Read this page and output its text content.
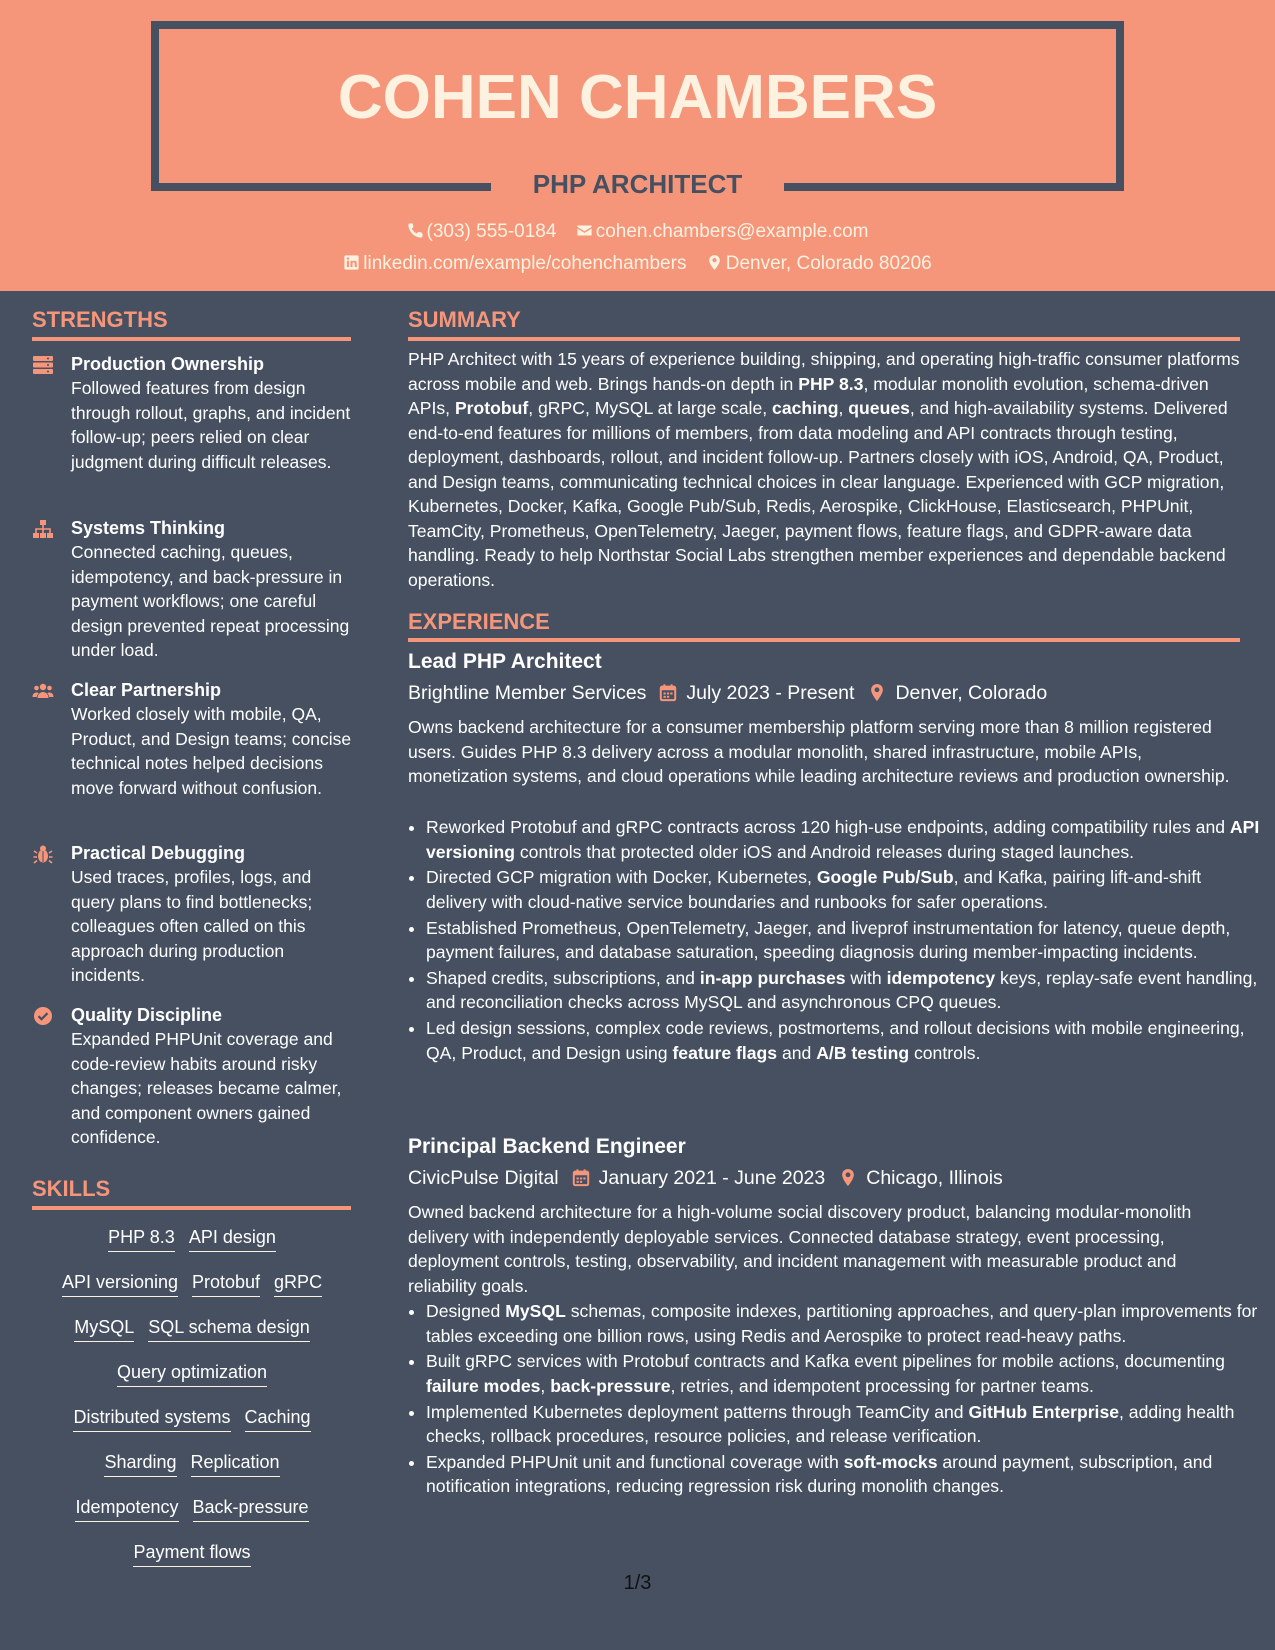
COHEN CHAMBERS
PHP ARCHITECT
(303) 555-0184 cohen.chambers@example.com
linkedin.com/example/cohenchambers Denver, Colorado 80206
STRENGTHS
Production Ownership
Followed features from design through rollout, graphs, and incident follow-up; peers relied on clear judgment during difficult releases.
Systems Thinking
Connected caching, queues, idempotency, and back-pressure in payment workflows; one careful design prevented repeat processing under load.
Clear Partnership
Worked closely with mobile, QA, Product, and Design teams; concise technical notes helped decisions move forward without confusion.
Practical Debugging
Used traces, profiles, logs, and query plans to find bottlenecks; colleagues often called on this approach during production incidents.
Quality Discipline
Expanded PHPUnit coverage and code-review habits around risky changes; releases became calmer, and component owners gained confidence.
SKILLS
PHP 8.3 API design
API versioning Protobuf gRPC
MySQL SQL schema design
Query optimization
Distributed systems Caching
Sharding Replication
Idempotency Back-pressure
Payment flows
SUMMARY
PHP Architect with 15 years of experience building, shipping, and operating high-traffic consumer platforms across mobile and web. Brings hands-on depth in PHP 8.3, modular monolith evolution, schema-driven APIs, Protobuf, gRPC, MySQL at large scale, caching, queues, and high-availability systems. Delivered end-to-end features for millions of members, from data modeling and API contracts through testing, deployment, dashboards, rollout, and incident follow-up. Partners closely with iOS, Android, QA, Product, and Design teams, communicating technical choices in clear language. Experienced with GCP migration, Kubernetes, Docker, Kafka, Google Pub/Sub, Redis, Aerospike, ClickHouse, Elasticsearch, PHPUnit, TeamCity, Prometheus, OpenTelemetry, Jaeger, payment flows, feature flags, and GDPR-aware data handling. Ready to help Northstar Social Labs strengthen member experiences and dependable backend operations.
EXPERIENCE
Lead PHP Architect
Brightline Member Services July 2023 - Present Denver, Colorado
Owns backend architecture for a consumer membership platform serving more than 8 million registered users. Guides PHP 8.3 delivery across a modular monolith, shared infrastructure, mobile APIs, monetization systems, and cloud operations while leading architecture reviews and production ownership.
• Reworked Protobuf and gRPC contracts across 120 high-use endpoints, adding compatibility rules and API versioning controls that protected older iOS and Android releases during staged launches.
• Directed GCP migration with Docker, Kubernetes, Google Pub/Sub, and Kafka, pairing lift-and-shift delivery with cloud-native service boundaries and runbooks for safer operations.
• Established Prometheus, OpenTelemetry, Jaeger, and liveprof instrumentation for latency, queue depth, payment failures, and database saturation, speeding diagnosis during member-impacting incidents.
• Shaped credits, subscriptions, and in-app purchases with idempotency keys, replay-safe event handling, and reconciliation checks across MySQL and asynchronous CPQ queues.
• Led design sessions, complex code reviews, postmortems, and rollout decisions with mobile engineering, QA, Product, and Design using feature flags and A/B testing controls.
Principal Backend Engineer
CivicPulse Digital January 2021 - June 2023 Chicago, Illinois
Owned backend architecture for a high-volume social discovery product, balancing modular-monolith delivery with independently deployable services. Connected database strategy, event processing, deployment controls, testing, observability, and incident management with measurable product and reliability goals.
• Designed MySQL schemas, composite indexes, partitioning approaches, and query-plan improvements for tables exceeding one billion rows, using Redis and Aerospike to protect read-heavy paths.
• Built gRPC services with Protobuf contracts and Kafka event pipelines for mobile actions, documenting failure modes, back-pressure, retries, and idempotent processing for partner teams.
• Implemented Kubernetes deployment patterns through TeamCity and GitHub Enterprise, adding health checks, rollback procedures, resource policies, and release verification.
• Expanded PHPUnit unit and functional coverage with soft-mocks around payment, subscription, and notification integrations, reducing regression risk during monolith changes.
1/3
